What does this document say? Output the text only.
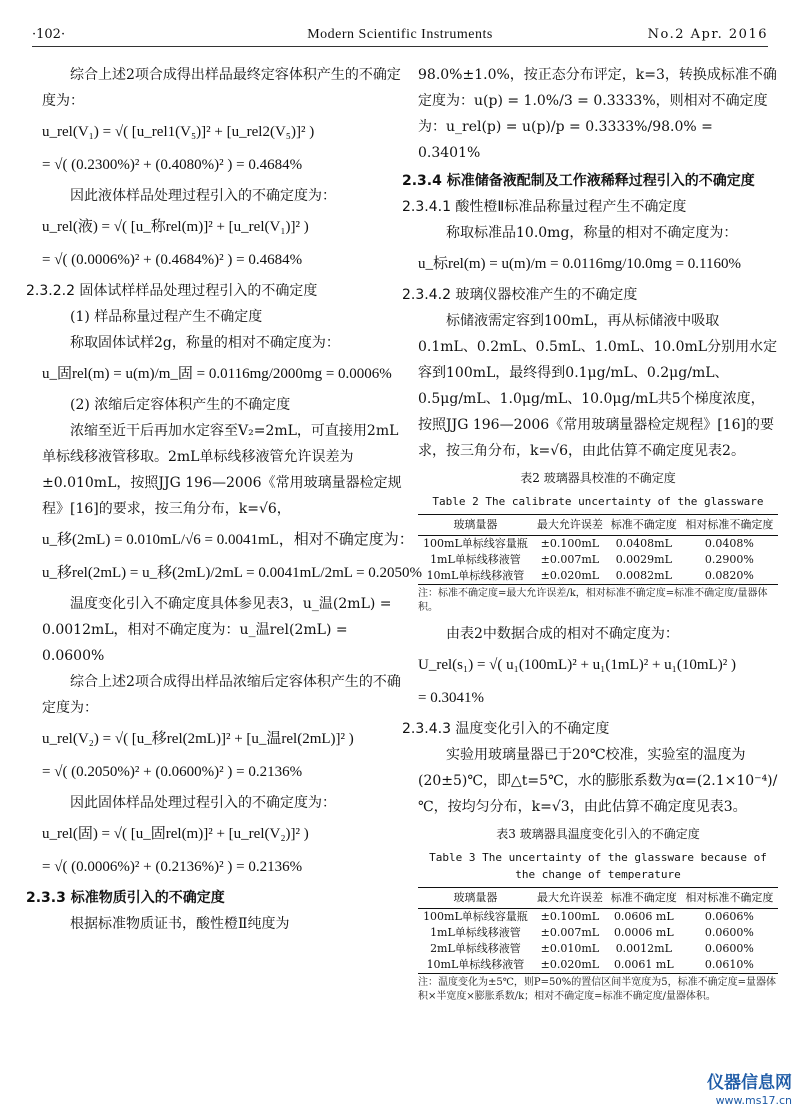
·102·	Modern Scientific Instruments	No.2 Apr. 2016

综合上述2项合成得出样品最终定容体积产生的不确定度为：

u_rel(V₁) = √( [u_rel1(V₅)]² + [u_rel2(V₅)]² )

= √( (0.2300%)² + (0.4080%)² ) = 0.4684%

因此液体样品处理过程引入的不确定度为：

u_rel(液) = √( [u_称rel(m)]² + [u_rel(V₁)]² )

= √( (0.0006%)² + (0.4684%)² ) = 0.4684%

2.3.2.2 固体试样样品处理过程引入的不确定度

(1) 样品称量过程产生不确定度

称取固体试样2g，称量的相对不确定度为：

u_固rel(m) = u(m)/m_固 = 0.0116mg/2000mg = 0.0006%

(2) 浓缩后定容体积产生的不确定度

浓缩至近干后再加水定容至V₂=2mL，可直接用2mL单标线移液管移取。2mL单标线移液管允许误差为±0.010mL，按照JJG 196—2006《常用玻璃量器检定规程》[16]的要求，按三角分布，k=√6，

u_移(2mL) = 0.010mL/√6 = 0.0041mL，相对不确定度为：

u_移rel(2mL) = u_移(2mL)/2mL = 0.0041mL/2mL = 0.2050%

温度变化引入不确定度具体参见表3，u_温(2mL) = 0.0012mL，相对不确定度为：u_温rel(2mL) = 0.0600%

综合上述2项合成得出样品浓缩后定容体积产生的不确定度为：

u_rel(V₂) = √( [u_移rel(2mL)]² + [u_温rel(2mL)]² )

= √( (0.2050%)² + (0.0600%)² ) = 0.2136%

因此固体样品处理过程引入的不确定度为：

u_rel(固) = √( [u_固rel(m)]² + [u_rel(V₂)]² )

= √( (0.0006%)² + (0.2136%)² ) = 0.2136%

2.3.3 标准物质引入的不确定度

根据标准物质证书，酸性橙Ⅱ纯度为

98.0%±1.0%，按正态分布评定，k=3，转换成标准不确定度为：u(p) = 1.0%/3 = 0.3333%，则相对不确定度为：u_rel(p) = u(p)/p = 0.3333%/98.0% = 0.3401%

2.3.4 标准储备液配制及工作液稀释过程引入的不确定度

2.3.4.1 酸性橙Ⅱ标准品称量过程产生不确定度

称取标准品10.0mg，称量的相对不确定度为：

u_标rel(m) = u(m)/m = 0.0116mg/10.0mg = 0.1160%

2.3.4.2 玻璃仪器校准产生的不确定度

标储液需定容到100mL，再从标储液中吸取0.1mL、0.2mL、0.5mL、1.0mL、10.0mL分别用水定容到100mL，最终得到0.1μg/mL、0.2μg/mL、0.5μg/mL、1.0μg/mL、10.0μg/mL共5个梯度浓度，按照JJG 196—2006《常用玻璃量器检定规程》[16]的要求，按三角分布，k=√6，由此估算不确定度见表2。

表2 玻璃器具校准的不确定度

Table 2 The calibrate uncertainty of the glassware

玻璃量器	最大允许误差	标准不确定度	相对标准不确定度
100mL单标线容量瓶	±0.100mL	0.0408mL	0.0408%
1mL单标线移液管	±0.007mL	0.0029mL	0.2900%
10mL单标线移液管	±0.020mL	0.0082mL	0.0820%

注：标准不确定度=最大允许误差/k，相对标准不确定度=标准不确定度/量器体积。

由表2中数据合成的相对不确定度为：

U_rel(s₁) = √( u₁(100mL)² + u₁(1mL)² + u₁(10mL)² )

= 0.3041%

2.3.4.3 温度变化引入的不确定度

实验用玻璃量器已于20℃校准，实验室的温度为(20±5)℃，即△t=5℃，水的膨胀系数为α=(2.1×10⁻⁴)/℃，按均匀分布，k=√3，由此估算不确定度见表3。

表3 玻璃器具温度变化引入的不确定度

Table 3 The uncertainty of the glassware because of the change of temperature

玻璃量器	最大允许误差	标准不确定度	相对标准不确定度
100mL单标线容量瓶	±0.100mL	0.0606 mL	0.0606%
1mL单标线移液管	±0.007mL	0.0006 mL	0.0600%
2mL单标线移液管	±0.010mL	0.0012mL	0.0600%
10mL单标线移液管	±0.020mL	0.0061 mL	0.0610%

注：温度变化为±5℃，则P=50%的置信区间半宽度为5，标准不确定度=量器体积×半宽度×膨胀系数/k；相对不确定度=标准不确定度/量器体积。

仪器信息网
www.ms17.cn
